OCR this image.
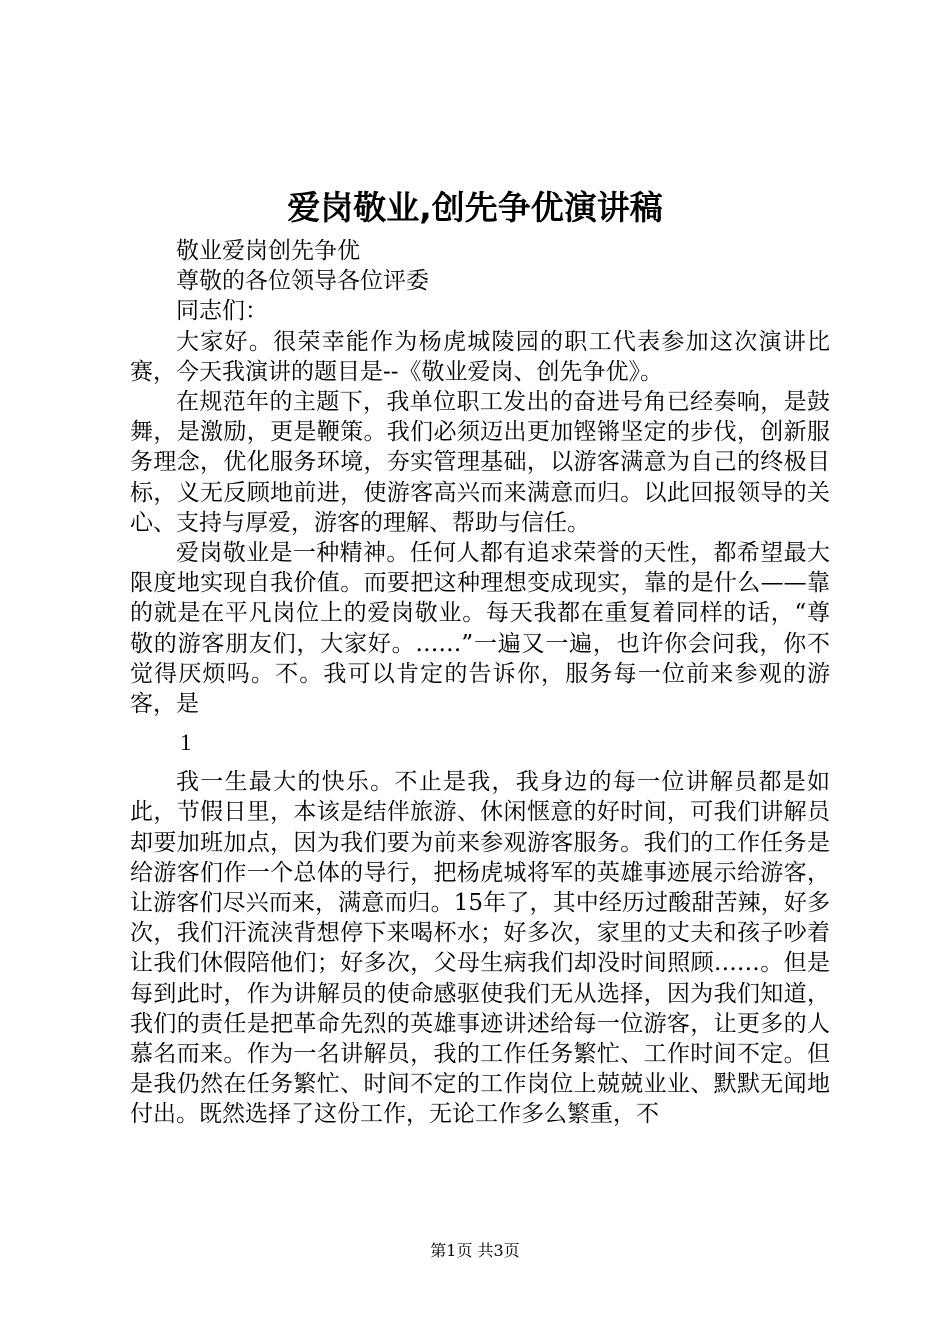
爱岗敬业,创先争优演讲稿

敬业爱岗创先争优

尊敬的各位领导各位评委

同志们：

大家好。很荣幸能作为杨虎城陵园的职工代表参加这次演讲比赛，今天我演讲的题目是--《敬业爱岗、创先争优》。

在规范年的主题下，我单位职工发出的奋进号角已经奏响，是鼓舞，是激励，更是鞭策。我们必须迈出更加铿锵坚定的步伐，创新服务理念，优化服务环境，夯实管理基础，以游客满意为自己的终极目标，义无反顾地前进，使游客高兴而来满意而归。以此回报领导的关心、支持与厚爱，游客的理解、帮助与信任。

爱岗敬业是一种精神。任何人都有追求荣誉的天性，都希望最大限度地实现自我价值。而要把这种理想变成现实，靠的是什么——靠的就是在平凡岗位上的爱岗敬业。每天我都在重复着同样的话，“尊敬的游客朋友们，大家好。……”一遍又一遍，也许你会问我，你不觉得厌烦吗。不。我可以肯定的告诉你，服务每一位前来参观的游客，是

1

我一生最大的快乐。不止是我，我身边的每一位讲解员都是如此，节假日里，本该是结伴旅游、休闲惬意的好时间，可我们讲解员却要加班加点，因为我们要为前来参观游客服务。我们的工作任务是给游客们作一个总体的导行，把杨虎城将军的英雄事迹展示给游客，让游客们尽兴而来，满意而归。15年了，其中经历过酸甜苦辣，好多次，我们汗流浃背想停下来喝杯水；好多次，家里的丈夫和孩子吵着让我们休假陪他们；好多次，父母生病我们却没时间照顾……。但是每到此时，作为讲解员的使命感驱使我们无从选择，因为我们知道，我们的责任是把革命先烈的英雄事迹讲述给每一位游客，让更多的人慕名而来。作为一名讲解员，我的工作任务繁忙、工作时间不定。但是我仍然在任务繁忙、时间不定的工作岗位上兢兢业业、默默无闻地付出。既然选择了这份工作，无论工作多么繁重，不

第1页 共3页
